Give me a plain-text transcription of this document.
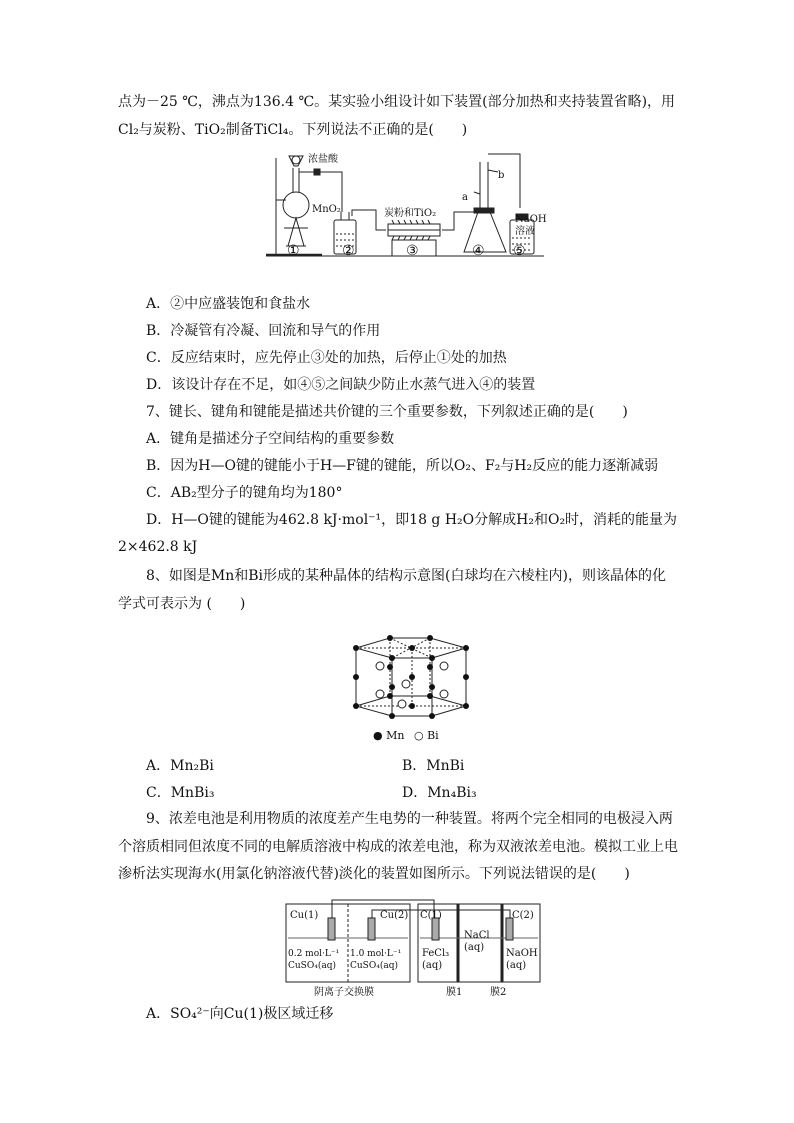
点为－25 ℃，沸点为136.4 ℃。某实验小组设计如下装置(部分加热和夹持装置省略)，用
Cl₂与炭粉、TiO₂制备TiCl₄。下列说法不正确的是(　　)
浓盐酸
MnO₂	炭粉和TiO₂
NaOH
溶液
a
b
①	②	③	④ ⑤
A．②中应盛装饱和食盐水
B．冷凝管有冷凝、回流和导气的作用
C．反应结束时，应先停止③处的加热，后停止①处的加热
D．该设计存在不足，如④⑤之间缺少防止水蒸气进入④的装置
7、键长、键角和键能是描述共价键的三个重要参数，下列叙述正确的是(　　)
A．键角是描述分子空间结构的重要参数
B．因为H—O键的键能小于H—F键的键能，所以O₂、F₂与H₂反应的能力逐渐减弱
C．AB₂型分子的键角均为180°
D．H—O键的键能为462.8 kJ·mol⁻¹，即18 g H₂O分解成H₂和O₂时，消耗的能量为
2×462.8 kJ
8、如图是Mn和Bi形成的某种晶体的结构示意图(白球均在六棱柱内)，则该晶体的化
学式可表示为 (　　)
● Mn ○ Bi
A．Mn₂Bi	B．MnBi
C．MnBi₃	D．Mn₄Bi₃
9、浓差电池是利用物质的浓度差产生电势的一种装置。将两个完全相同的电极浸入两
个溶质相同但浓度不同的电解质溶液中构成的浓差电池，称为双液浓差电池。模拟工业上电
渗析法实现海水(用氯化钠溶液代替)淡化的装置如图所示。下列说法错误的是(　　)
Cu(1)	Cu(2) C(1)	C(2)
0.2 mol·L⁻¹
CuSO₄(aq)
1.0 mol·L⁻¹
CuSO₄(aq)
FeCl₃
(aq)
NaCl
(aq)
NaOH
(aq)
阴离子交换膜	膜1	膜2
A．SO₄²⁻向Cu(1)极区域迁移
